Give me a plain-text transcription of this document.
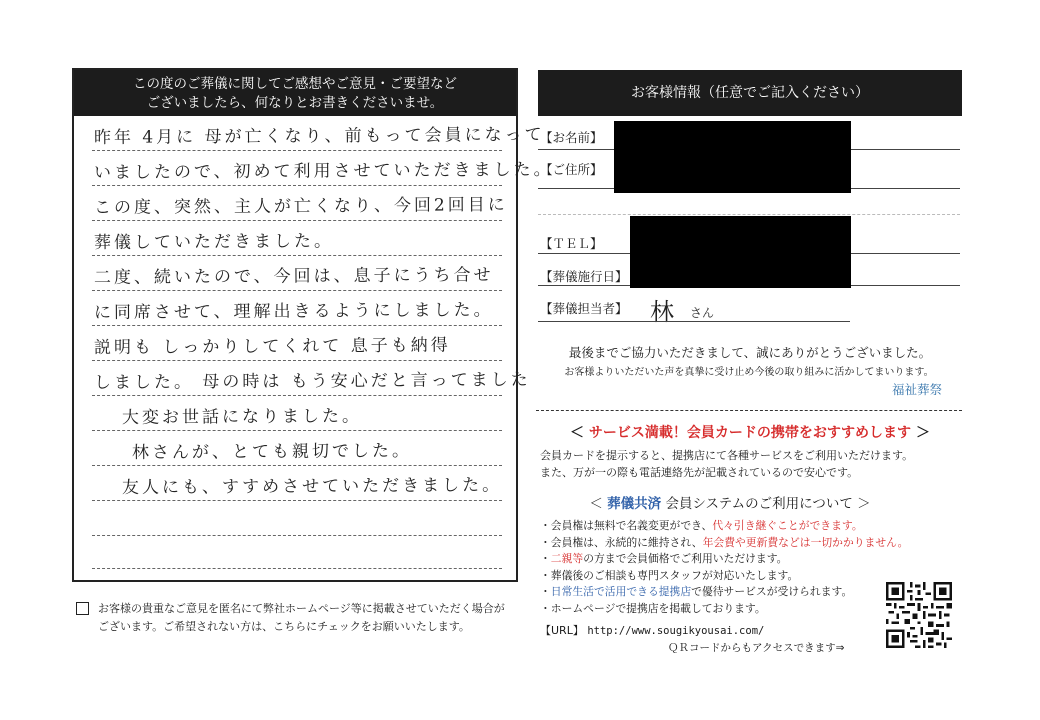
この度のご葬儀に関してご感想やご意見・ご要望など
ございましたら、何なりとお書きくださいませ。
昨年 4月に 母が亡くなり、前もって会員になって
いましたので、初めて利用させていただきました。
この度、突然、主人が亡くなり、今回2回目に
葬儀していただきました。
二度、続いたので、今回は、息子にうち合せ
に同席させて、理解出きるようにしました。
説明も しっかりしてくれて 息子も納得
しました。 母の時は もう安心だと言ってました
大変お世話になりました。
林さんが、とても親切でした。
友人にも、すすめさせていただきました。
お客様の貴重なご意見を匿名にて弊社ホームページ等に掲載させていただく場合が
ございます。ご希望されない方は、こちらにチェックをお願いいたします。
お客様情報（任意でご記入ください）
【お名前】
【ご住所】
【ＴＥＬ】
【葬儀施行日】
【葬儀担当者】 林 さん
最後までご協力いただきまして、誠にありがとうございました。
お客様よりいただいた声を真摯に受け止め今後の取り組みに活かしてまいります。
福祉葬祭
＜ サービス満載！会員カードの携帯をおすすめします ＞
会員カードを提示すると、提携店にて各種サービスをご利用いただけます。
また、万が一の際も電話連絡先が記載されているので安心です。
＜ 葬儀共済 会員システムのご利用について ＞
・会員権は無料で名義変更ができ、代々引き継ぐことができます。
・会員権は、永続的に維持され、年会費や更新費などは一切かかりません。
・二親等の方まで会員価格でご利用いただけます。
・葬儀後のご相談も専門スタッフが対応いたします。
・日常生活で活用できる提携店で優待サービスが受けられます。
・ホームページで提携店を掲載しております。
【URL】 http://www.sougikyousai.com/
ＱＲコードからもアクセスできます⇒
